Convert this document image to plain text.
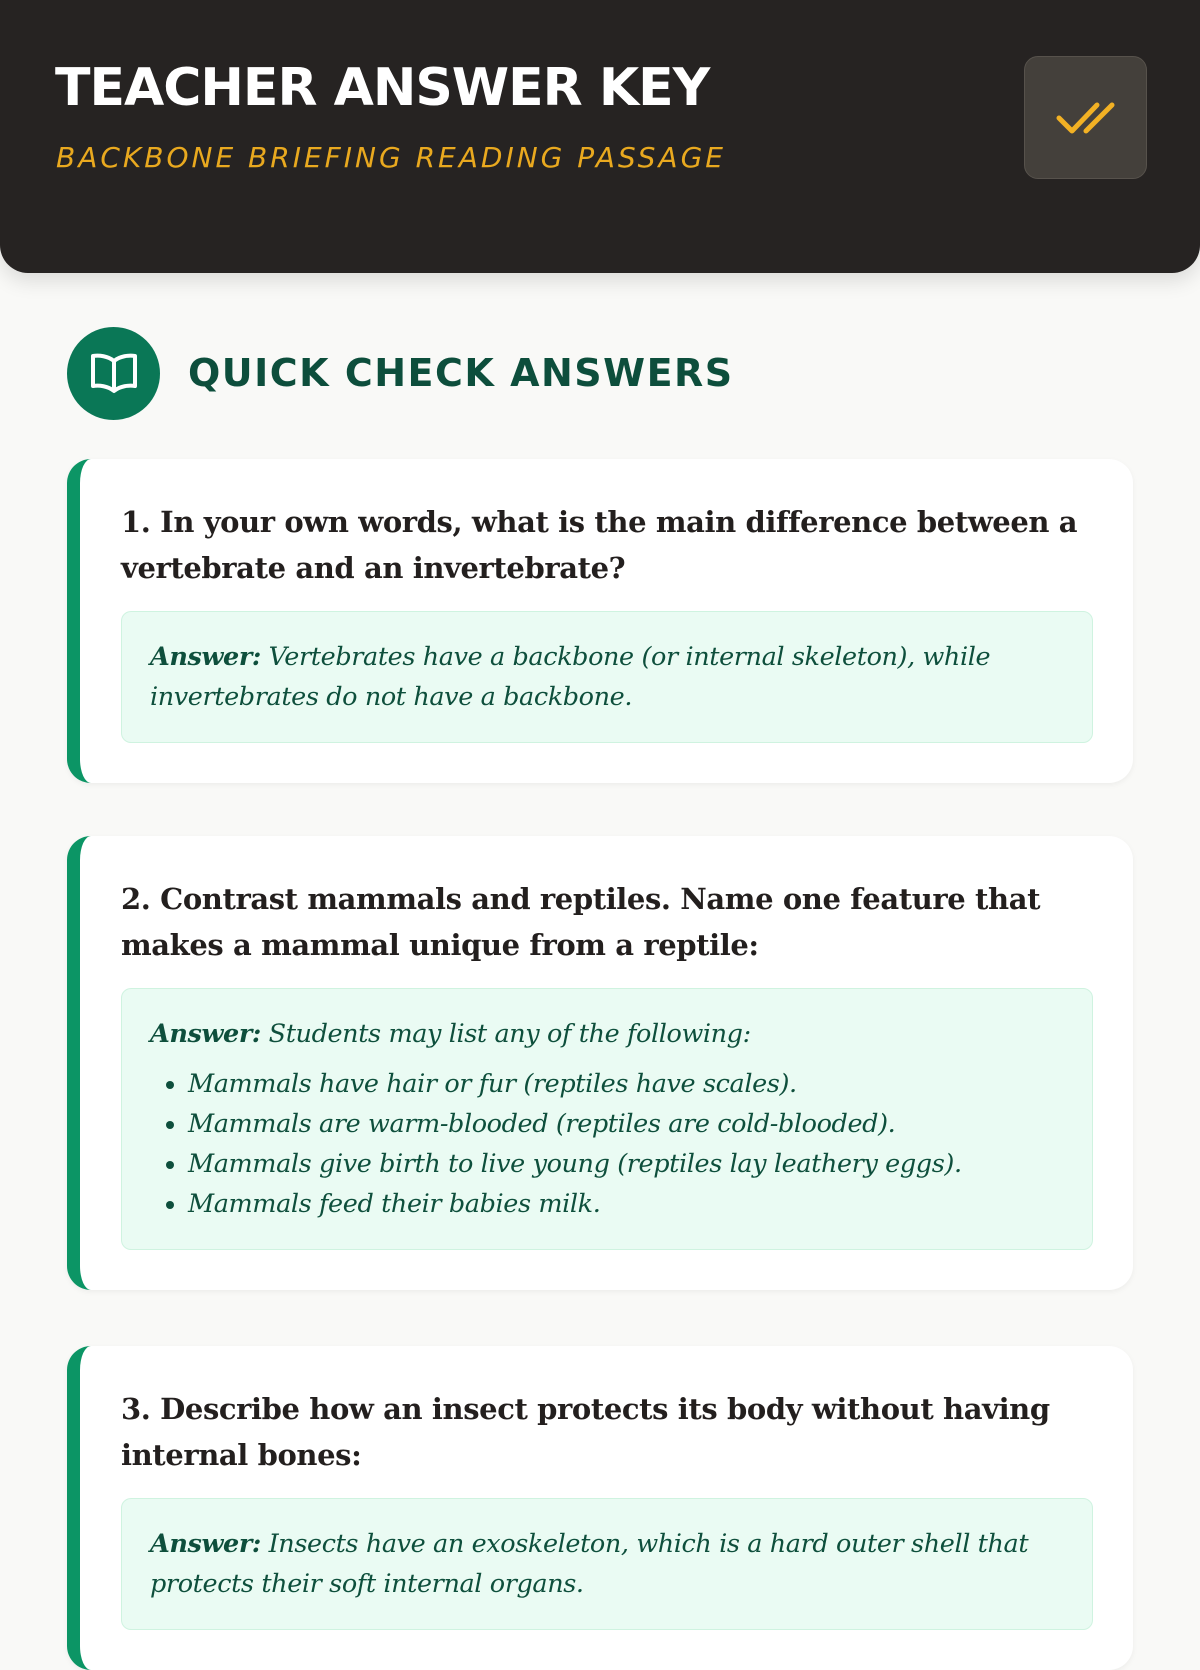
TEACHER ANSWER KEY

BACKBONE BRIEFING READING PASSAGE

QUICK CHECK ANSWERS

1. In your own words, what is the main difference between a vertebrate and an invertebrate?

Answer: Vertebrates have a backbone (or internal skeleton), while invertebrates do not have a backbone.

2. Contrast mammals and reptiles. Name one feature that makes a mammal unique from a reptile:

Answer: Students may list any of the following:
• Mammals have hair or fur (reptiles have scales).
• Mammals are warm-blooded (reptiles are cold-blooded).
• Mammals give birth to live young (reptiles lay leathery eggs).
• Mammals feed their babies milk.

3. Describe how an insect protects its body without having internal bones:

Answer: Insects have an exoskeleton, which is a hard outer shell that protects their soft internal organs.
